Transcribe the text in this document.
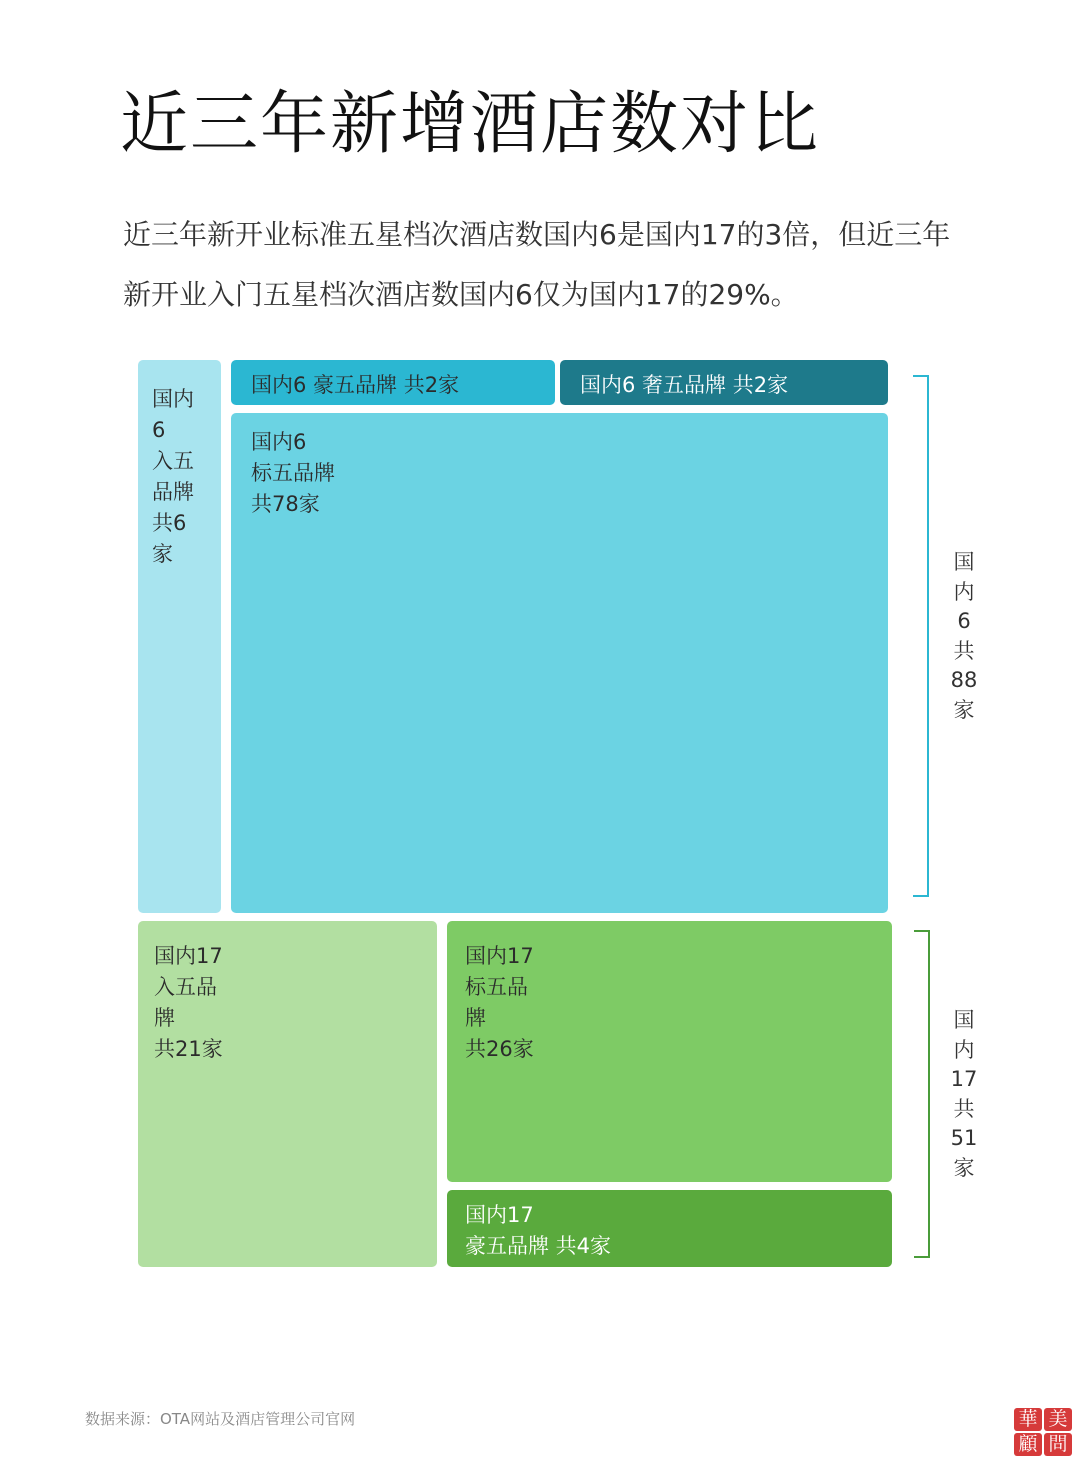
近三年新增酒店数对比
近三年新开业标准五星档次酒店数国内6是国内17的3倍，但近三年
新开业入门五星档次酒店数国内6仅为国内17的29%。
国内6
入五
品牌
共6家
国内6 豪五品牌 共2家	国内6 奢五品牌 共2家
国内6
标五品牌
共78家
国
内
6
共
88
家
国内17
入五品
牌
共21家
国内17
标五品
牌
共26家
国内17
豪五品牌 共4家
国
内
17
共
51
家
数据来源：OTA网站及酒店管理公司官网	華 美
顧 問
